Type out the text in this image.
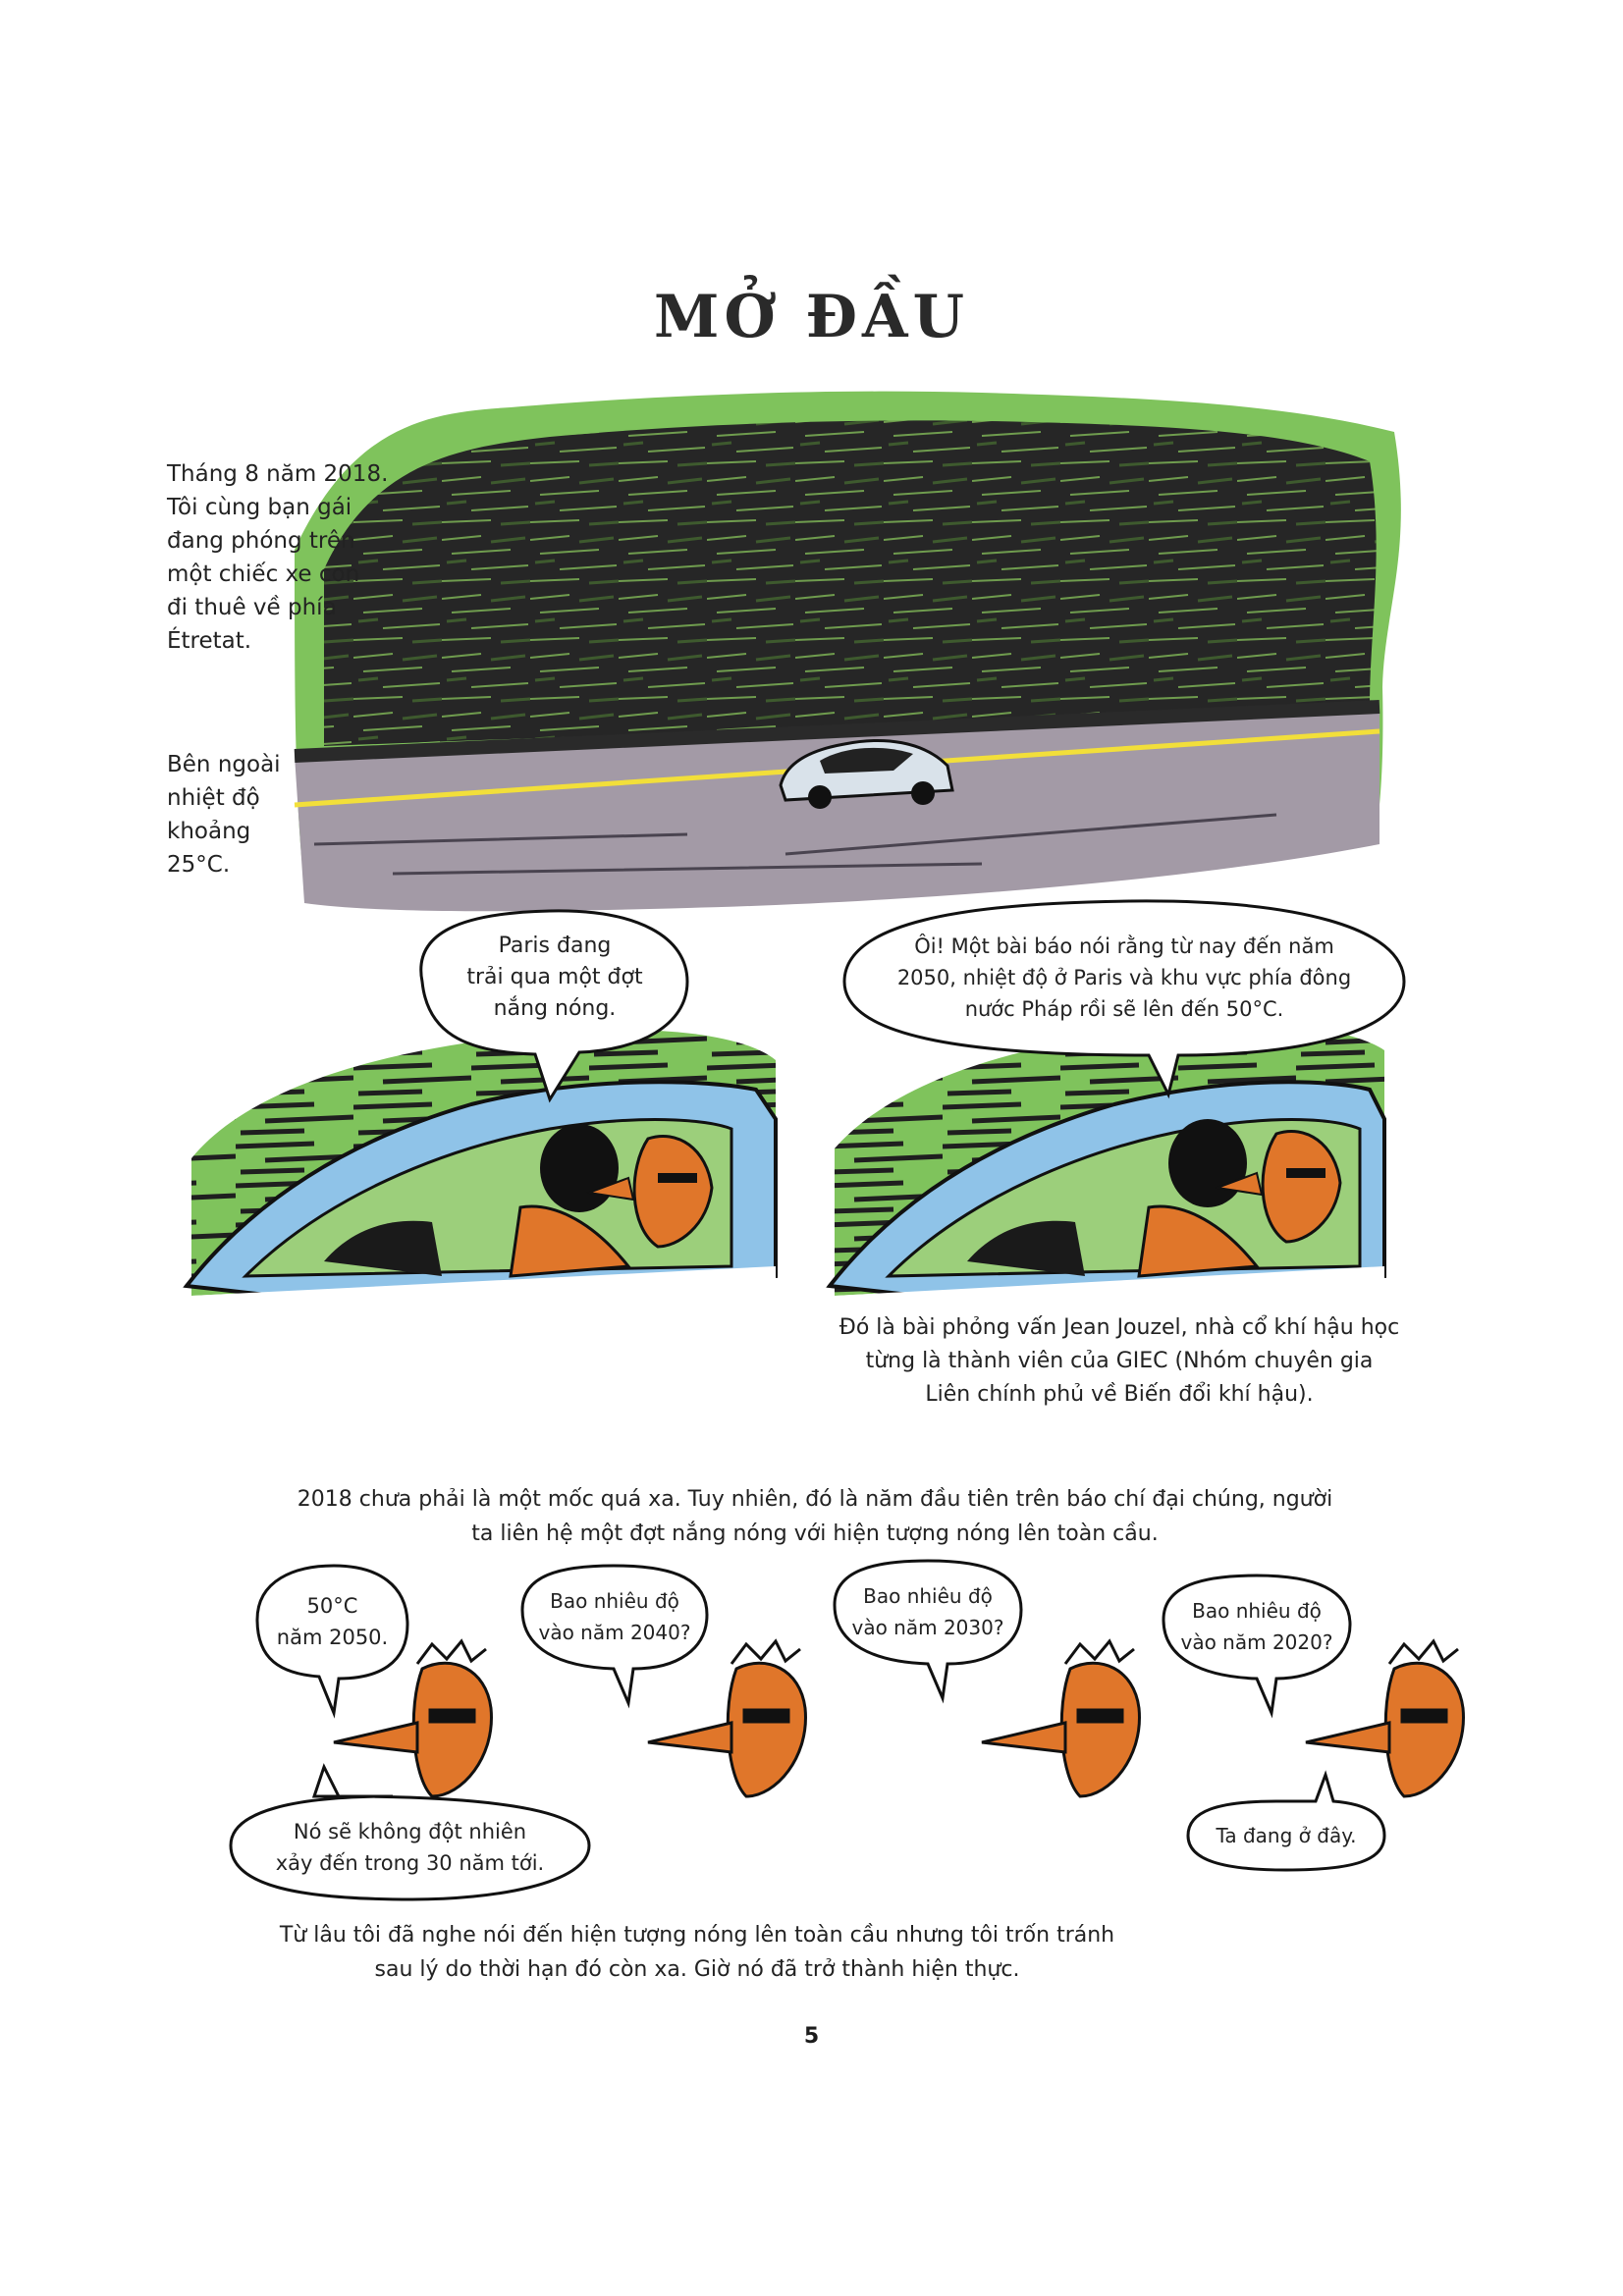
MỞ ĐẦU
Tháng 8 năm 2018.
Tôi cùng bạn gái
đang phóng trên
một chiếc xe con
đi thuê về phía
Étretat.
Bên ngoài
nhiệt độ
khoảng
25°C.
Paris đang
trải qua một đợt
nắng nóng.
Ôi! Một bài báo nói rằng từ nay đến năm
2050, nhiệt độ ở Paris và khu vực phía đông
nước Pháp rồi sẽ lên đến 50°C.
Đó là bài phỏng vấn Jean Jouzel, nhà cổ khí hậu học
từng là thành viên của GIEC (Nhóm chuyên gia
Liên chính phủ về Biến đổi khí hậu).
2018 chưa phải là một mốc quá xa. Tuy nhiên, đó là năm đầu tiên trên báo chí đại chúng, người
ta liên hệ một đợt nắng nóng với hiện tượng nóng lên toàn cầu.
50°C
năm 2050.
Bao nhiêu độ
vào năm 2040?
Bao nhiêu độ
vào năm 2030?
Bao nhiêu độ
vào năm 2020?
Nó sẽ không đột nhiên
xảy đến trong 30 năm tới.
Ta đang ở đây.
Từ lâu tôi đã nghe nói đến hiện tượng nóng lên toàn cầu nhưng tôi trốn tránh
sau lý do thời hạn đó còn xa. Giờ nó đã trở thành hiện thực.
5
